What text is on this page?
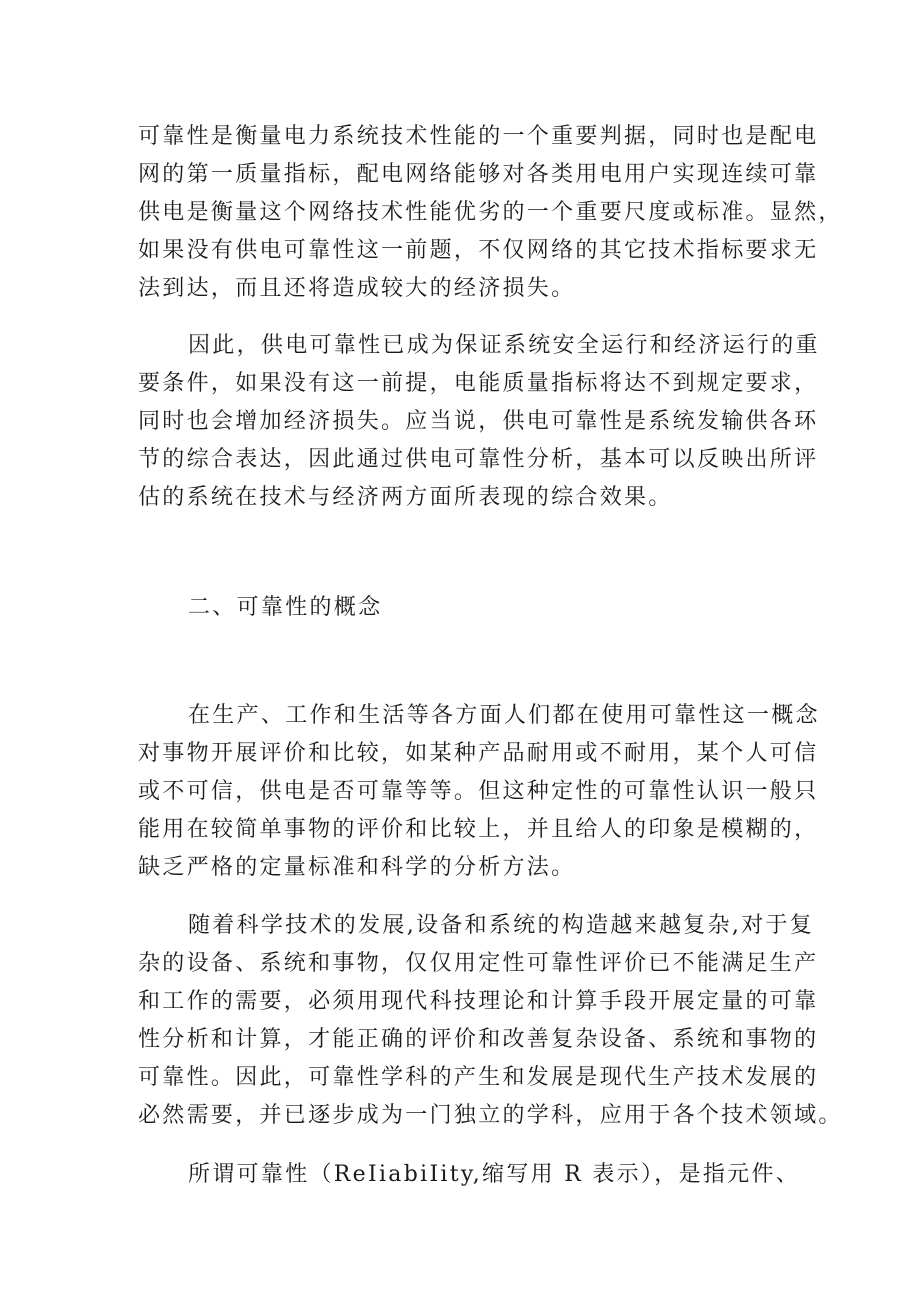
可靠性是衡量电力系统技术性能的一个重要判据，同时也是配电
网的第一质量指标，配电网络能够对各类用电用户实现连续可靠
供电是衡量这个网络技术性能优劣的一个重要尺度或标准。显然，
如果没有供电可靠性这一前题，不仅网络的其它技术指标要求无
法到达，而且还将造成较大的经济损失。

因此，供电可靠性已成为保证系统安全运行和经济运行的重
要条件，如果没有这一前提，电能质量指标将达不到规定要求，
同时也会增加经济损失。应当说，供电可靠性是系统发输供各环
节的综合表达，因此通过供电可靠性分析，基本可以反映出所评
估的系统在技术与经济两方面所表现的综合效果。

二、可靠性的概念

在生产、工作和生活等各方面人们都在使用可靠性这一概念
对事物开展评价和比较，如某种产品耐用或不耐用，某个人可信
或不可信，供电是否可靠等等。但这种定性的可靠性认识一般只
能用在较简单事物的评价和比较上，并且给人的印象是模糊的，
缺乏严格的定量标准和科学的分析方法。

随着科学技术的发展,设备和系统的构造越来越复杂,对于复
杂的设备、系统和事物，仅仅用定性可靠性评价已不能满足生产
和工作的需要，必须用现代科技理论和计算手段开展定量的可靠
性分析和计算，才能正确的评价和改善复杂设备、系统和事物的
可靠性。因此，可靠性学科的产生和发展是现代生产技术发展的
必然需要，并已逐步成为一门独立的学科，应用于各个技术领域。

所谓可靠性（ReIiabiIity,缩写用 R 表示），是指元件、
